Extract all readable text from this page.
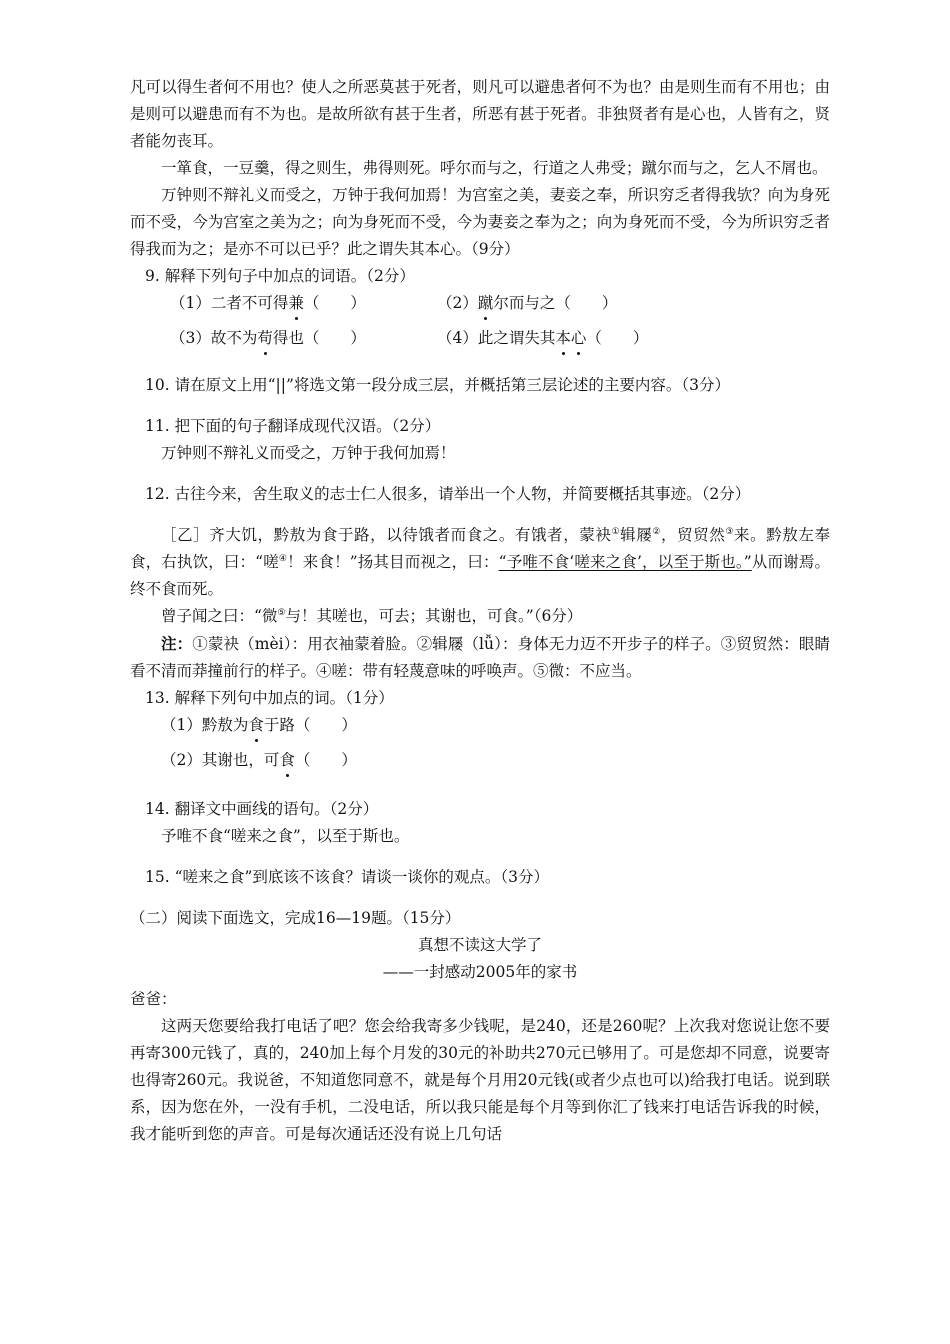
凡可以得生者何不用也？使人之所恶莫甚于死者，则凡可以避患者何不为也？由是则生而有不用也；由是则可以避患而有不为也。是故所欲有甚于生者，所恶有甚于死者。非独贤者有是心也，人皆有之，贤者能勿丧耳。

一箪食，一豆羹，得之则生，弗得则死。呼尔而与之，行道之人弗受；蹴尔而与之，乞人不屑也。

万钟则不辩礼义而受之，万钟于我何加焉！为宫室之美，妻妾之奉，所识穷乏者得我欤？向为身死而不受，今为宫室之美为之；向为身死而不受，今为妻妾之奉为之；向为身死而不受，今为所识穷乏者得我而为之；是亦不可以已乎？此之谓失其本心。（9分）

9. 解释下列句子中加点的词语。（2分）

（1）二者不可得兼（　　）	（2）蹴尔而与之（　　）
（3）故不为苟得也（　　）	（4）此之谓失其本心（　　）

10. 请在原文上用“||”将选文第一段分成三层，并概括第三层论述的主要内容。（3分）

11. 把下面的句子翻译成现代汉语。（2分）

万钟则不辩礼义而受之，万钟于我何加焉！

12. 古往今来，舍生取义的志士仁人很多，请举出一个人物，并简要概括其事迹。（2分）

［乙］齐大饥，黔敖为食于路，以待饿者而食之。有饿者，蒙袂①辑屦②，贸贸然③来。黔敖左奉食，右执饮，曰：“嗟④！来食！”扬其目而视之，曰：“予唯不食‘嗟来之食’，以至于斯也。”从而谢焉。终不食而死。

曾子闻之曰：“微⑤与！其嗟也，可去；其谢也，可食。”（6分）

注：①蒙袂（mèi）：用衣袖蒙着脸。②辑屦（lǚ）：身体无力迈不开步子的样子。③贸贸然：眼睛看不清而莽撞前行的样子。④嗟：带有轻蔑意味的呼唤声。⑤微：不应当。

13. 解释下列句中加点的词。（1分）

（1）黔敖为食于路（　　）

（2）其谢也，可食（　　）

14. 翻译文中画线的语句。（2分）

予唯不食“嗟来之食”，以至于斯也。

15. “嗟来之食”到底该不该食？请谈一谈你的观点。（3分）

（二）阅读下面选文，完成16—19题。（15分）

真想不读这大学了

——一封感动2005年的家书

爸爸：

这两天您要给我打电话了吧？您会给我寄多少钱呢，是240，还是260呢？上次我对您说让您不要再寄300元钱了，真的，240加上每个月发的30元的补助共270元已够用了。可是您却不同意，说要寄也得寄260元。我说爸，不知道您同意不，就是每个月用20元钱(或者少点也可以)给我打电话。说到联系，因为您在外，一没有手机，二没电话，所以我只能是每个月等到你汇了钱来打电话告诉我的时候，我才能听到您的声音。可是每次通话还没有说上几句话
